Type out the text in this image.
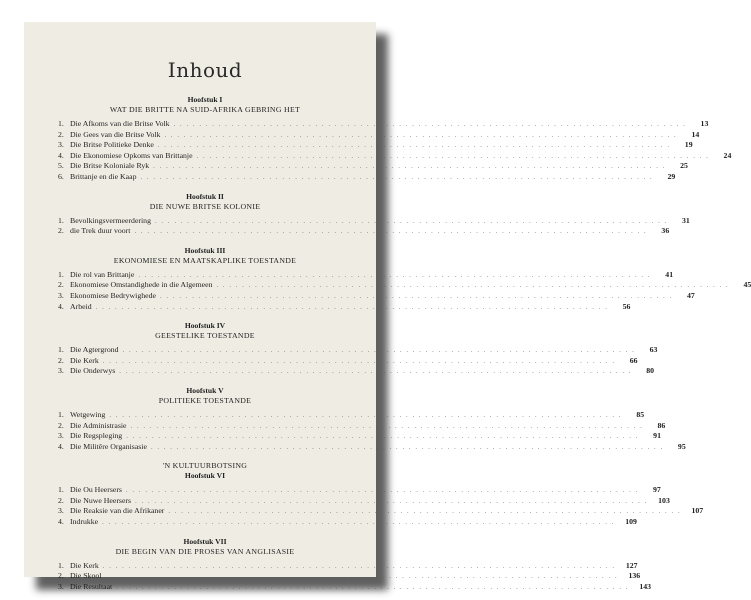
Inhoud
Hoofstuk I
WAT DIE BRITTE NA SUID-AFRIKA GEBRING HET
1. Die Afkoms van die Britse Volk . . . . . . . . . . . . . . . . . . . . . . . . . . . . . . . . . . . . . . . . . . . . . . . . . . . . . . . . . . . . . . . . . . . . . . . . . . . . . . . .	13
2. Die Gees van die Britse Volk . . . . . . . . . . . . . . . . . . . . . . . . . . . . . . . . . . . . . . . . . . . . . . . . . . . . . . . . . . . . . . . . . . . . . . . . . . . . . . . .	14
3. Die Britse Politieke Denke . . . . . . . . . . . . . . . . . . . . . . . . . . . . . . . . . . . . . . . . . . . . . . . . . . . . . . . . . . . . . . . . . . . . . . . . . . . . . . . .	19
4. Die Ekonomiese Opkoms van Brittanje . . . . . . . . . . . . . . . . . . . . . . . . . . . . . . . . . . . . . . . . . . . . . . . . . . . . . . . . . . . . . . . . . . . . . . . . . . . . . . . .	24
5. Die Britse Koloniale Ryk . . . . . . . . . . . . . . . . . . . . . . . . . . . . . . . . . . . . . . . . . . . . . . . . . . . . . . . . . . . . . . . . . . . . . . . . . . . . . . . .	25
6. Brittanje en die Kaap . . . . . . . . . . . . . . . . . . . . . . . . . . . . . . . . . . . . . . . . . . . . . . . . . . . . . . . . . . . . . . . . . . . . . . . . . . . . . . . .	29
Hoofstuk II
DIE NUWE BRITSE KOLONIE
1. Bevolkingsvermeerdering . . . . . . . . . . . . . . . . . . . . . . . . . . . . . . . . . . . . . . . . . . . . . . . . . . . . . . . . . . . . . . . . . . . . . . . . . . . . . . . .	31
2. die Trek duur voort . . . . . . . . . . . . . . . . . . . . . . . . . . . . . . . . . . . . . . . . . . . . . . . . . . . . . . . . . . . . . . . . . . . . . . . . . . . . . . . .	36
Hoofstuk III
EKONOMIESE EN MAATSKAPLIKE TOESTANDE
1. Die rol van Brittanje . . . . . . . . . . . . . . . . . . . . . . . . . . . . . . . . . . . . . . . . . . . . . . . . . . . . . . . . . . . . . . . . . . . . . . . . . . . . . . . .	41
2. Ekonomiese Omstandighede in die Algemeen . . . . . . . . . . . . . . . . . . . . . . . . . . . . . . . . . . . . . . . . . . . . . . . . . . . . . . . . . . . . . . . . . . . . . . . . . . . . . . . .	45
3. Ekonomiese Bedrywighede . . . . . . . . . . . . . . . . . . . . . . . . . . . . . . . . . . . . . . . . . . . . . . . . . . . . . . . . . . . . . . . . . . . . . . . . . . . . . . . .	47
4. Arbeid . . . . . . . . . . . . . . . . . . . . . . . . . . . . . . . . . . . . . . . . . . . . . . . . . . . . . . . . . . . . . . . . . . . . . . . . . . . . . . . .	56
Hoofstuk IV
GEESTELIKE TOESTANDE
1. Die Agtergrond . . . . . . . . . . . . . . . . . . . . . . . . . . . . . . . . . . . . . . . . . . . . . . . . . . . . . . . . . . . . . . . . . . . . . . . . . . . . . . . .	63
2. Die Kerk . . . . . . . . . . . . . . . . . . . . . . . . . . . . . . . . . . . . . . . . . . . . . . . . . . . . . . . . . . . . . . . . . . . . . . . . . . . . . . . .	66
3. Die Onderwys . . . . . . . . . . . . . . . . . . . . . . . . . . . . . . . . . . . . . . . . . . . . . . . . . . . . . . . . . . . . . . . . . . . . . . . . . . . . . . . .	80
Hoofstuk V
POLITIEKE TOESTANDE
1. Wetgewing . . . . . . . . . . . . . . . . . . . . . . . . . . . . . . . . . . . . . . . . . . . . . . . . . . . . . . . . . . . . . . . . . . . . . . . . . . . . . . . .	85
2. Die Administrasie . . . . . . . . . . . . . . . . . . . . . . . . . . . . . . . . . . . . . . . . . . . . . . . . . . . . . . . . . . . . . . . . . . . . . . . . . . . . . . . .	86
3. Die Regspleging . . . . . . . . . . . . . . . . . . . . . . . . . . . . . . . . . . . . . . . . . . . . . . . . . . . . . . . . . . . . . . . . . . . . . . . . . . . . . . . .	91
4. Die Militêre Organisasie . . . . . . . . . . . . . . . . . . . . . . . . . . . . . . . . . . . . . . . . . . . . . . . . . . . . . . . . . . . . . . . . . . . . . . . . . . . . . . . .	95
'N KULTUURBOTSING
Hoofstuk VI
1. Die Ou Heersers . . . . . . . . . . . . . . . . . . . . . . . . . . . . . . . . . . . . . . . . . . . . . . . . . . . . . . . . . . . . . . . . . . . . . . . . . . . . . . . .	97
2. Die Nuwe Heersers . . . . . . . . . . . . . . . . . . . . . . . . . . . . . . . . . . . . . . . . . . . . . . . . . . . . . . . . . . . . . . . . . . . . . . . . . . . . . . . .	103
3. Die Reaksie van die Afrikaner . . . . . . . . . . . . . . . . . . . . . . . . . . . . . . . . . . . . . . . . . . . . . . . . . . . . . . . . . . . . . . . . . . . . . . . . . . . . . . . .	107
4. Indrukke . . . . . . . . . . . . . . . . . . . . . . . . . . . . . . . . . . . . . . . . . . . . . . . . . . . . . . . . . . . . . . . . . . . . . . . . . . . . . . . .	109
Hoofstuk VII
DIE BEGIN VAN DIE PROSES VAN ANGLISASIE
1. Die Kerk . . . . . . . . . . . . . . . . . . . . . . . . . . . . . . . . . . . . . . . . . . . . . . . . . . . . . . . . . . . . . . . . . . . . . . . . . . . . . . . .	127
2. Die Skool . . . . . . . . . . . . . . . . . . . . . . . . . . . . . . . . . . . . . . . . . . . . . . . . . . . . . . . . . . . . . . . . . . . . . . . . . . . . . . . .	136
3. Die Resultaat . . . . . . . . . . . . . . . . . . . . . . . . . . . . . . . . . . . . . . . . . . . . . . . . . . . . . . . . . . . . . . . . . . . . . . . . . . . . . . . .	143
